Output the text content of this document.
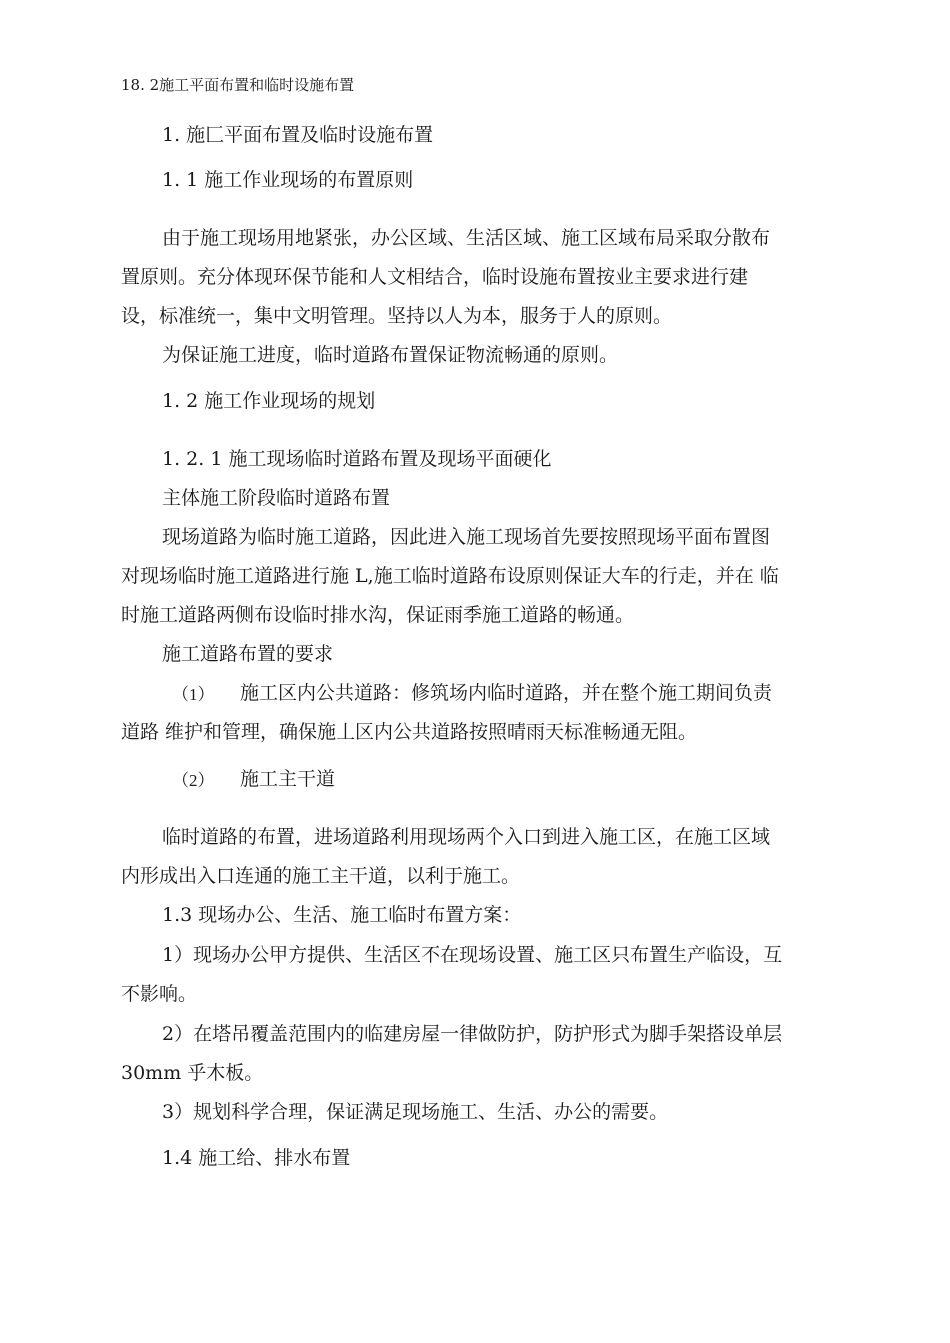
18. 2施工平面布置和临时设施布置
1. 施匚平面布置及临时设施布置
1. 1 施工作业现场的布置原则
由于施工现场用地紧张，办公区域、生活区域、施工区域布局采取分散布
置原则。充分体现环保节能和人文相结合，临时设施布置按业主要求进行建
设，标准统一，集中文明管理。坚持以人为本，服务于人的原则。
为保证施工进度，临时道路布置保证物流畅通的原则。
1. 2 施工作业现场的规划
1. 2. 1 施工现场临时道路布置及现场平面硬化
主体施工阶段临时道路布置
现场道路为临时施工道路，因此进入施工现场首先要按照现场平面布置图
对现场临时施工道路进行施 L,施工临时道路布设原则保证大车的行走，并在 临
时施工道路两侧布设临时排水沟，保证雨季施工道路的畅通。
施工道路布置的要求
（1） 施工区内公共道路：修筑场内临时道路，并在整个施工期间负责
道路 维护和管理，确保施丄区内公共道路按照晴雨天标准畅通无阻。
（2） 施工主干道
临时道路的布置，进场道路利用现场两个入口到进入施工区，在施工区域
内形成出入口连通的施工主干道，以利于施工。
1.3 现场办公、生活、施工临时布置方案：
1）现场办公甲方提供、生活区不在现场设置、施工区只布置生产临设，互
不影响。
2）在塔吊覆盖范围内的临建房屋一律做防护，防护形式为脚手架搭设单层
30mm 乎木板。
3）规划科学合理，保证满足现场施工、生活、办公的需要。
1.4 施工给、排水布置
